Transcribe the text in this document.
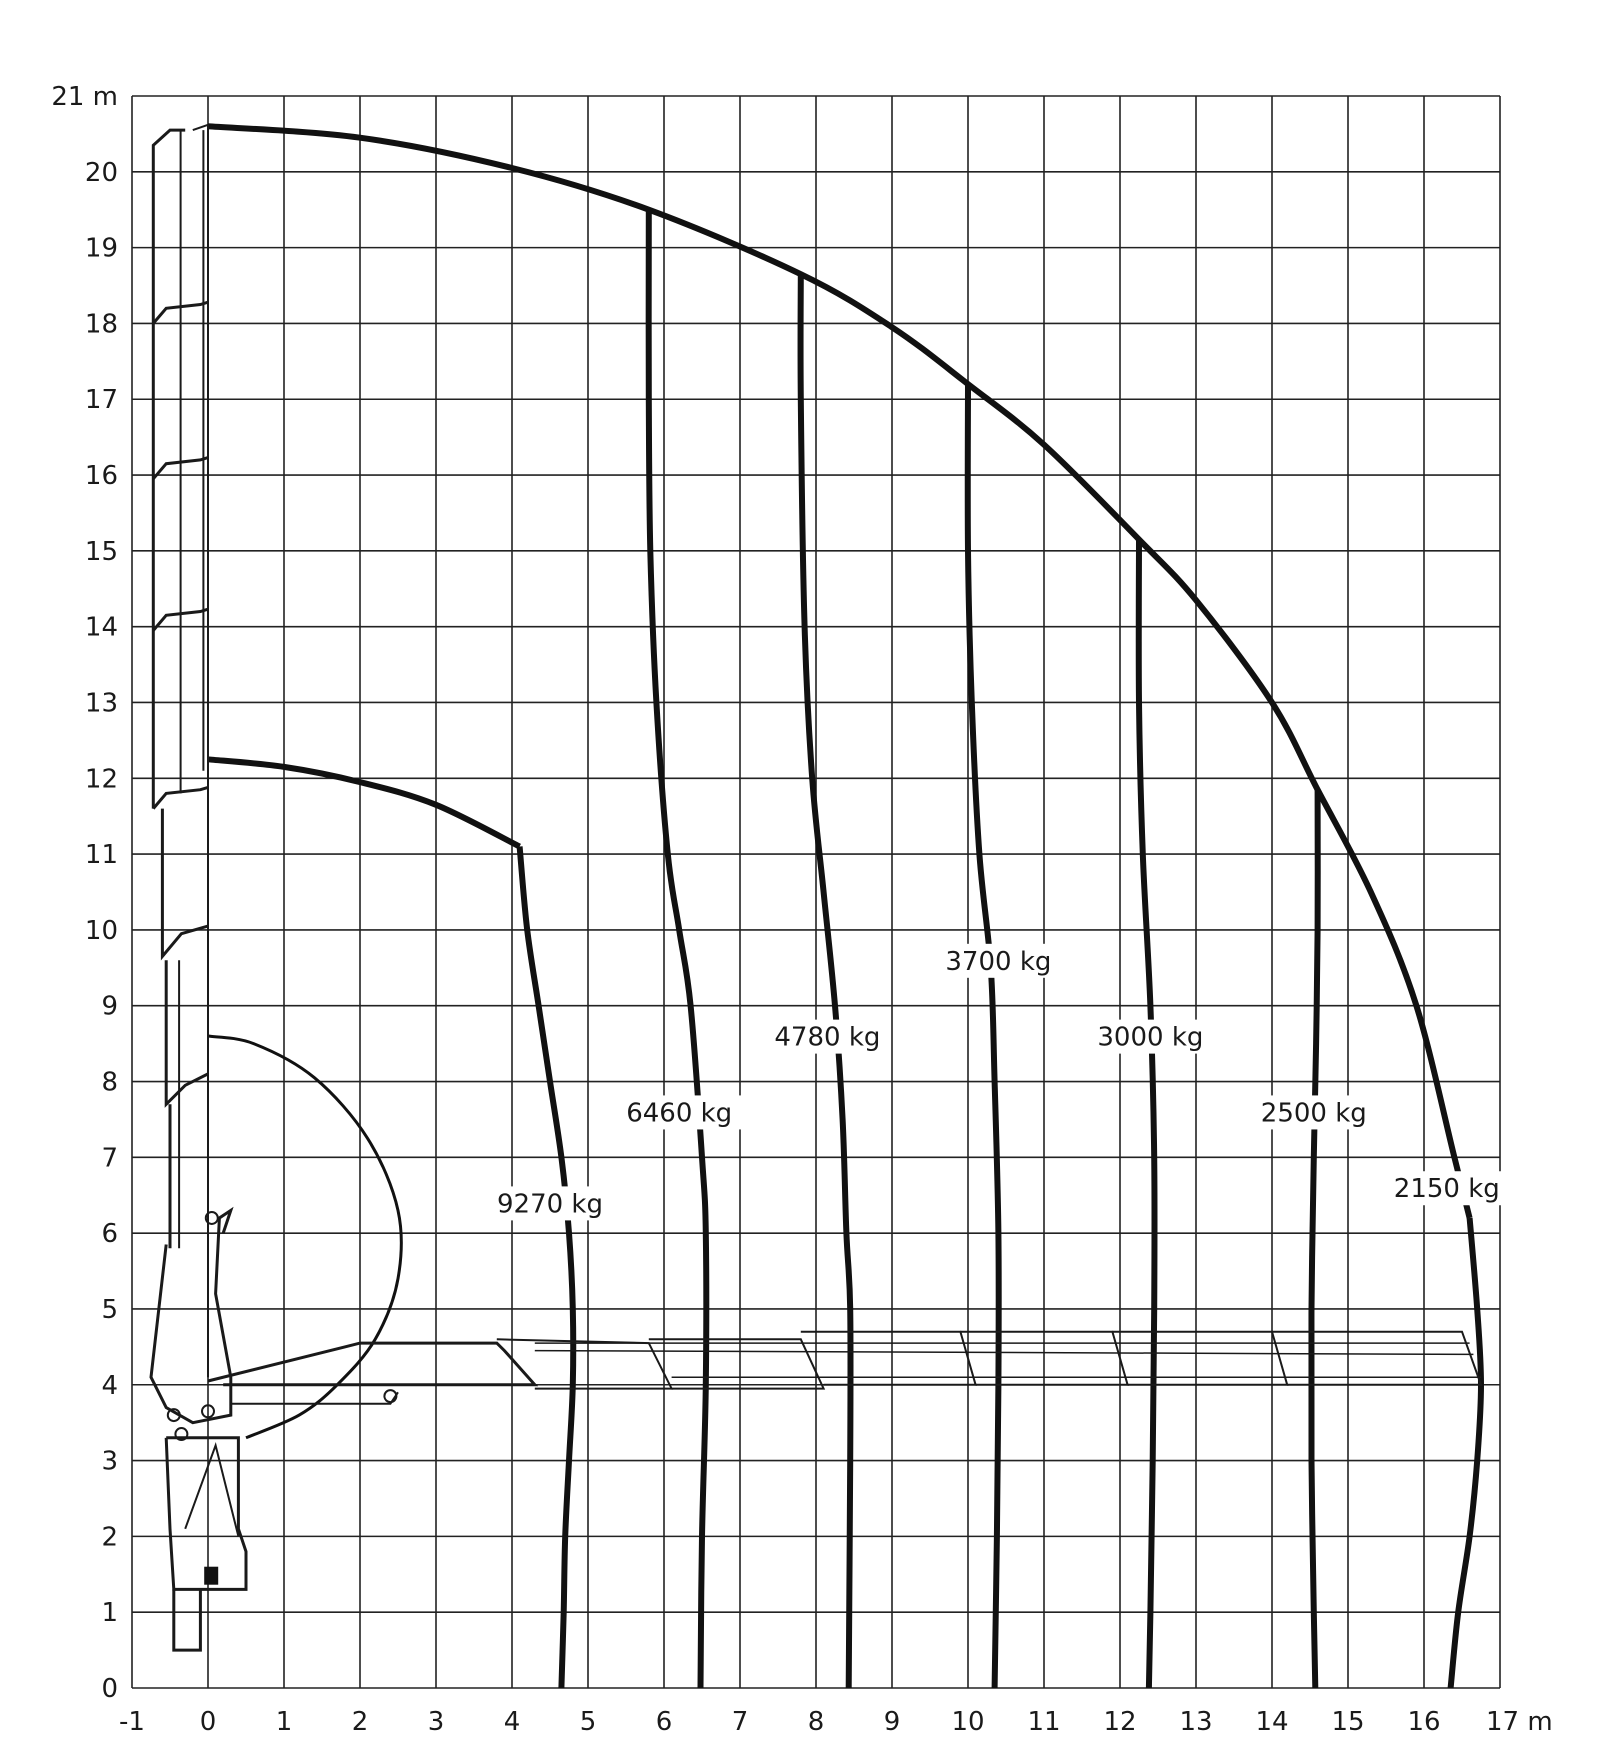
-1 0 1 2 3 4 5 6 7 8 9 10 11 12 13 14 15 16 17 m
0
1
2
3
4
5
6
7
8
9
10
11
12
13
14
15
16
17
18
19
20
21 m
9270 kg
6460 kg
4780 kg
3700 kg
3000 kg
2500 kg
2150 kg
